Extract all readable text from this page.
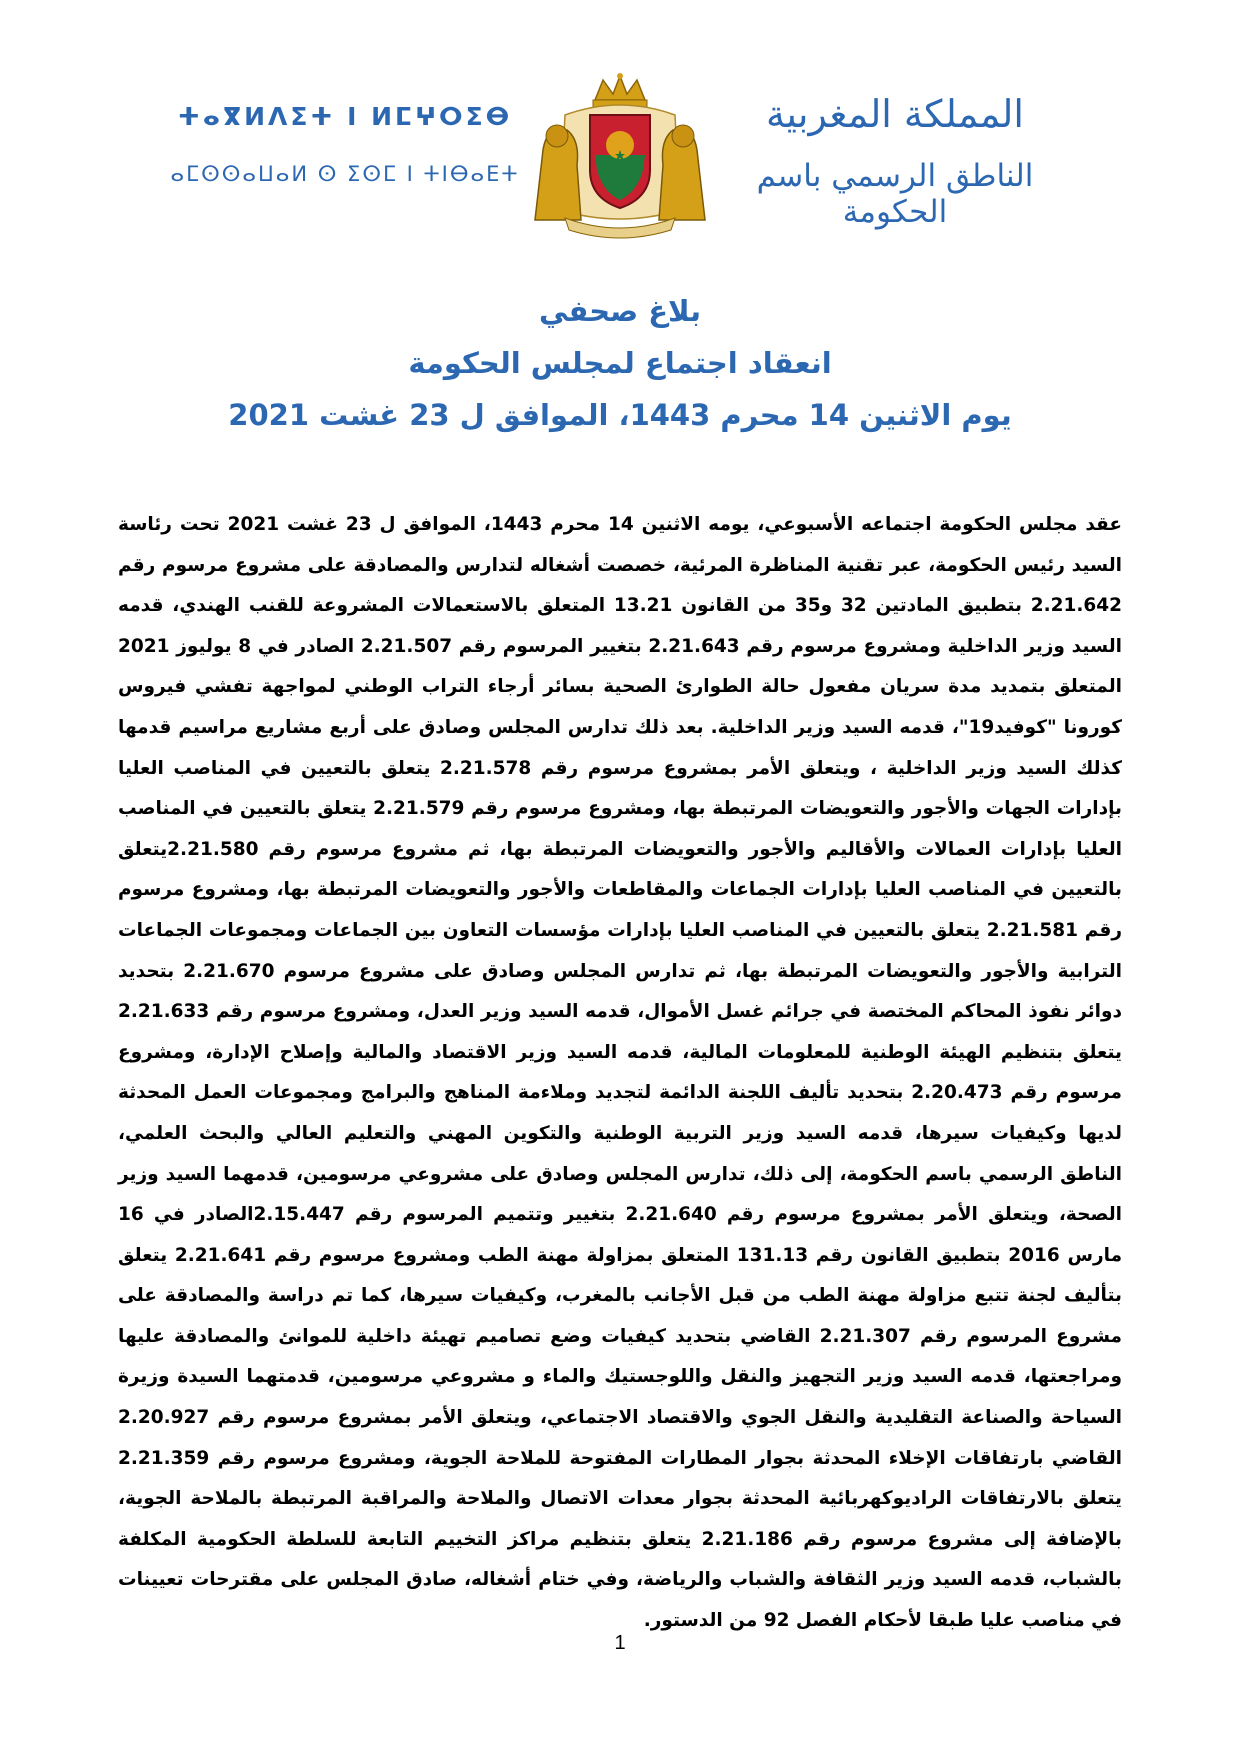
ⵜⴰⴳⵍⴷⵉⵜ ⵏ ⵍⵎⵖⵔⵉⴱ
ⴰⵎⵙⵙⴰⵡⴰⵍ ⵙ ⵉⵙⵎ ⵏ ⵜⵏⴱⴰⴹⵜ
المملكة المغربية
الناطق الرسمي باسم الحكومة
بلاغ صحفي
انعقاد اجتماع لمجلس الحكومة
يوم الاثنين 14 محرم 1443، الموافق ل 23 غشت 2021

عقد مجلس الحكومة اجتماعه الأسبوعي، يومه الاثنين 14 محرم 1443، الموافق ل 23 غشت 2021 تحت رئاسة السيد رئيس الحكومة، عبر تقنية المناظرة المرئية، خصصت أشغاله لتدارس والمصادقة على مشروع مرسوم رقم 2.21.642 بتطبيق المادتين 32 و35 من القانون 13.21 المتعلق بالاستعمالات المشروعة للقنب الهندي، قدمه السيد وزير الداخلية ومشروع مرسوم رقم 2.21.643 بتغيير المرسوم رقم 2.21.507 الصادر في 8 يوليوز 2021 المتعلق بتمديد مدة سريان مفعول حالة الطوارئ الصحية بسائر أرجاء التراب الوطني لمواجهة تفشي فيروس كورونا "كوفيد19"، قدمه السيد وزير الداخلية. بعد ذلك تدارس المجلس وصادق على أربع مشاريع مراسيم قدمها كذلك السيد وزير الداخلية ، ويتعلق الأمر بمشروع مرسوم رقم 2.21.578 يتعلق بالتعيين في المناصب العليا بإدارات الجهات والأجور والتعويضات المرتبطة بها، ومشروع مرسوم رقم 2.21.579 يتعلق بالتعيين في المناصب العليا بإدارات العمالات والأقاليم والأجور والتعويضات المرتبطة بها، ثم مشروع مرسوم رقم 2.21.580يتعلق بالتعيين في المناصب العليا بإدارات الجماعات والمقاطعات والأجور والتعويضات المرتبطة بها، ومشروع مرسوم رقم 2.21.581 يتعلق بالتعيين في المناصب العليا بإدارات مؤسسات التعاون بين الجماعات ومجموعات الجماعات الترابية والأجور والتعويضات المرتبطة بها، ثم تدارس المجلس وصادق على مشروع مرسوم 2.21.670 بتحديد دوائر نفوذ المحاكم المختصة في جرائم غسل الأموال، قدمه السيد وزير العدل، ومشروع مرسوم رقم 2.21.633 يتعلق بتنظيم الهيئة الوطنية للمعلومات المالية، قدمه السيد وزير الاقتصاد والمالية وإصلاح الإدارة، ومشروع مرسوم رقم 2.20.473 بتحديد تأليف اللجنة الدائمة لتجديد وملاءمة المناهج والبرامج ومجموعات العمل المحدثة لديها وكيفيات سيرها، قدمه السيد وزير التربية الوطنية والتكوين المهني والتعليم العالي والبحث العلمي، الناطق الرسمي باسم الحكومة، إلى ذلك، تدارس المجلس وصادق على مشروعي مرسومين، قدمهما السيد وزير الصحة، ويتعلق الأمر بمشروع مرسوم رقم 2.21.640 بتغيير وتتميم المرسوم رقم 2.15.447الصادر في 16 مارس 2016 بتطبيق القانون رقم 131.13 المتعلق بمزاولة مهنة الطب ومشروع مرسوم رقم 2.21.641 يتعلق بتأليف لجنة تتبع مزاولة مهنة الطب من قبل الأجانب بالمغرب، وكيفيات سيرها، كما تم دراسة والمصادقة على مشروع المرسوم رقم 2.21.307 القاضي بتحديد كيفيات وضع تصاميم تهيئة داخلية للموانئ والمصادقة عليها ومراجعتها، قدمه السيد وزير التجهيز والنقل واللوجستيك والماء و مشروعي مرسومين، قدمتهما السيدة وزيرة السياحة والصناعة التقليدية والنقل الجوي والاقتصاد الاجتماعي، ويتعلق الأمر بمشروع مرسوم رقم 2.20.927 القاضي بارتفاقات الإخلاء المحدثة بجوار المطارات المفتوحة للملاحة الجوية، ومشروع مرسوم رقم 2.21.359 يتعلق بالارتفاقات الراديوكهربائية المحدثة بجوار معدات الاتصال والملاحة والمراقبة المرتبطة بالملاحة الجوية، بالإضافة إلى مشروع مرسوم رقم 2.21.186 يتعلق بتنظيم مراكز التخييم التابعة للسلطة الحكومية المكلفة بالشباب، قدمه السيد وزير الثقافة والشباب والرياضة، وفي ختام أشغاله، صادق المجلس على مقترحات تعيينات في مناصب عليا طبقا لأحكام الفصل 92 من الدستور.

1
